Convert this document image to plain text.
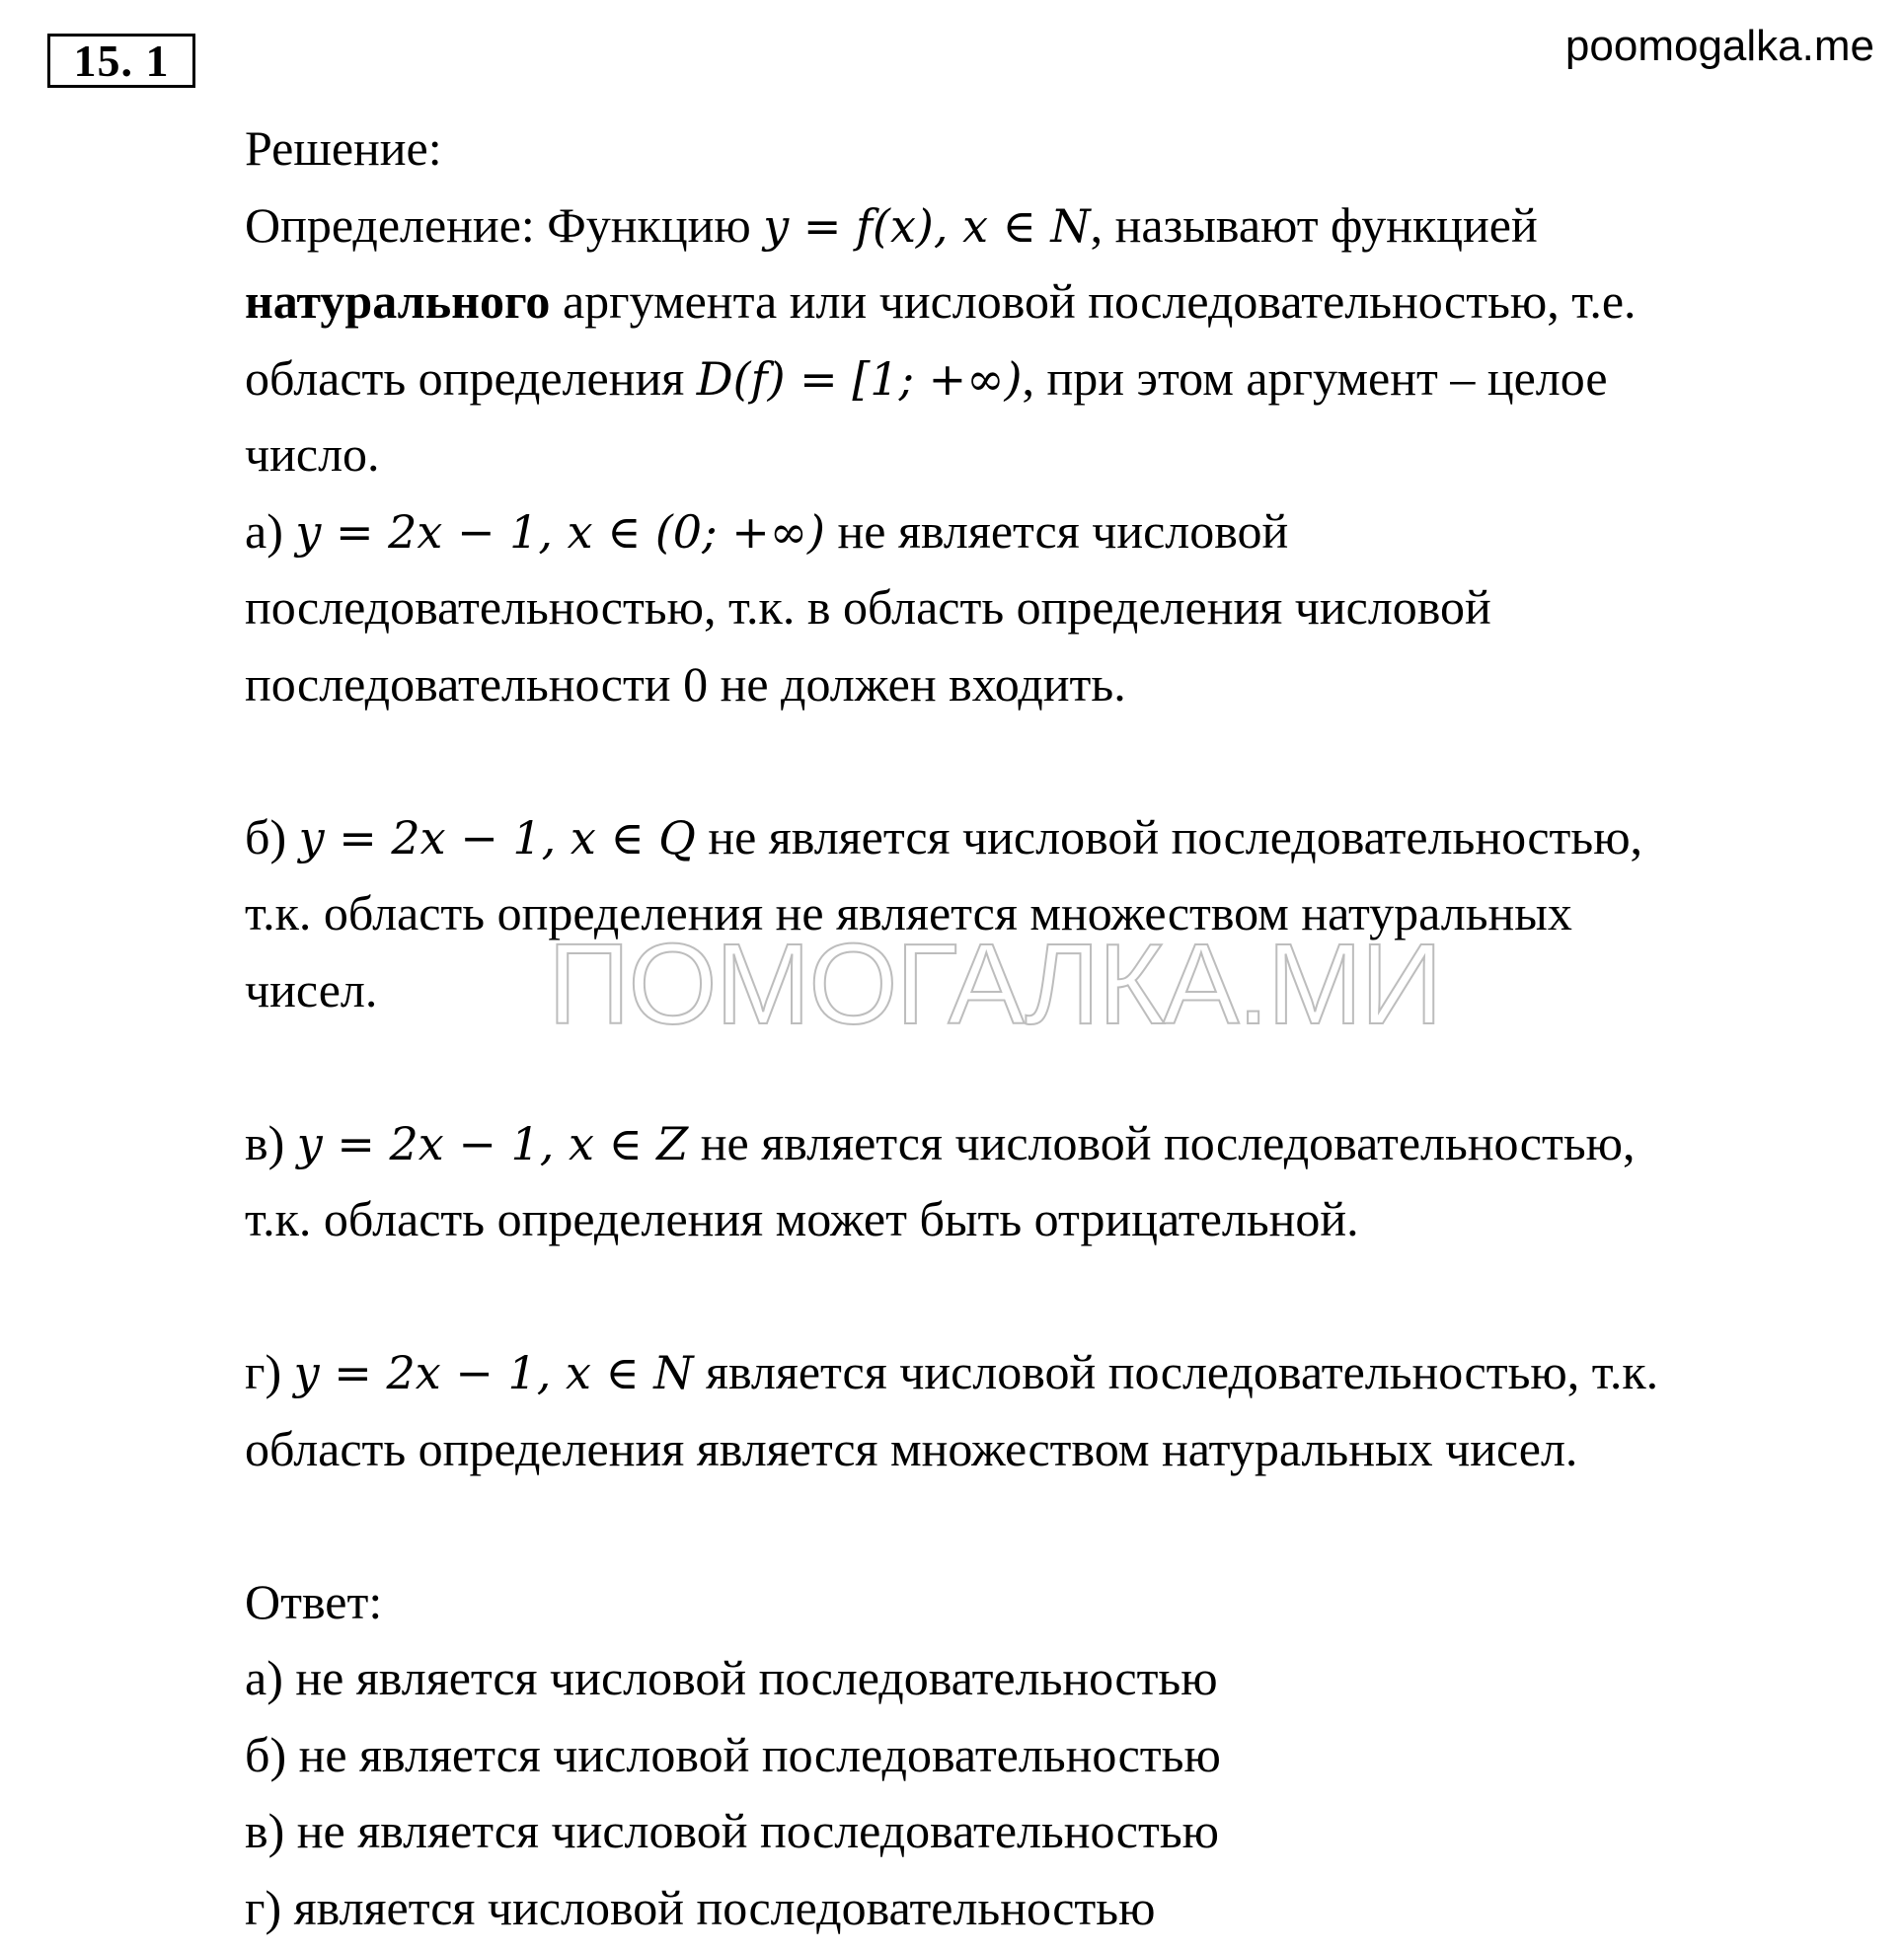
15. 1	poomogalka.me
Решение:
Определение: Функцию y = f(x), x ∈ N, называют функцией
натурального аргумента или числовой последовательностью, т.е.
область определения D(f) = [1; +∞), при этом аргумент – целое
число.
а) y = 2x − 1, x ∈ (0; +∞) не является числовой
последовательностью, т.к. в область определения числовой
последовательности 0 не должен входить.
б) y = 2x − 1, x ∈ Q не является числовой последовательностью,
т.к. область определения не является множеством натуральных
чисел.
в) y = 2x − 1, x ∈ Z не является числовой последовательностью,
т.к. область определения может быть отрицательной.
г) y = 2x − 1, x ∈ N является числовой последовательностью, т.к.
область определения является множеством натуральных чисел.
Ответ:
а) не является числовой последовательностью
б) не является числовой последовательностью
в) не является числовой последовательностью
г) является числовой последовательностью
ПОМОГАЛКА.МИ
